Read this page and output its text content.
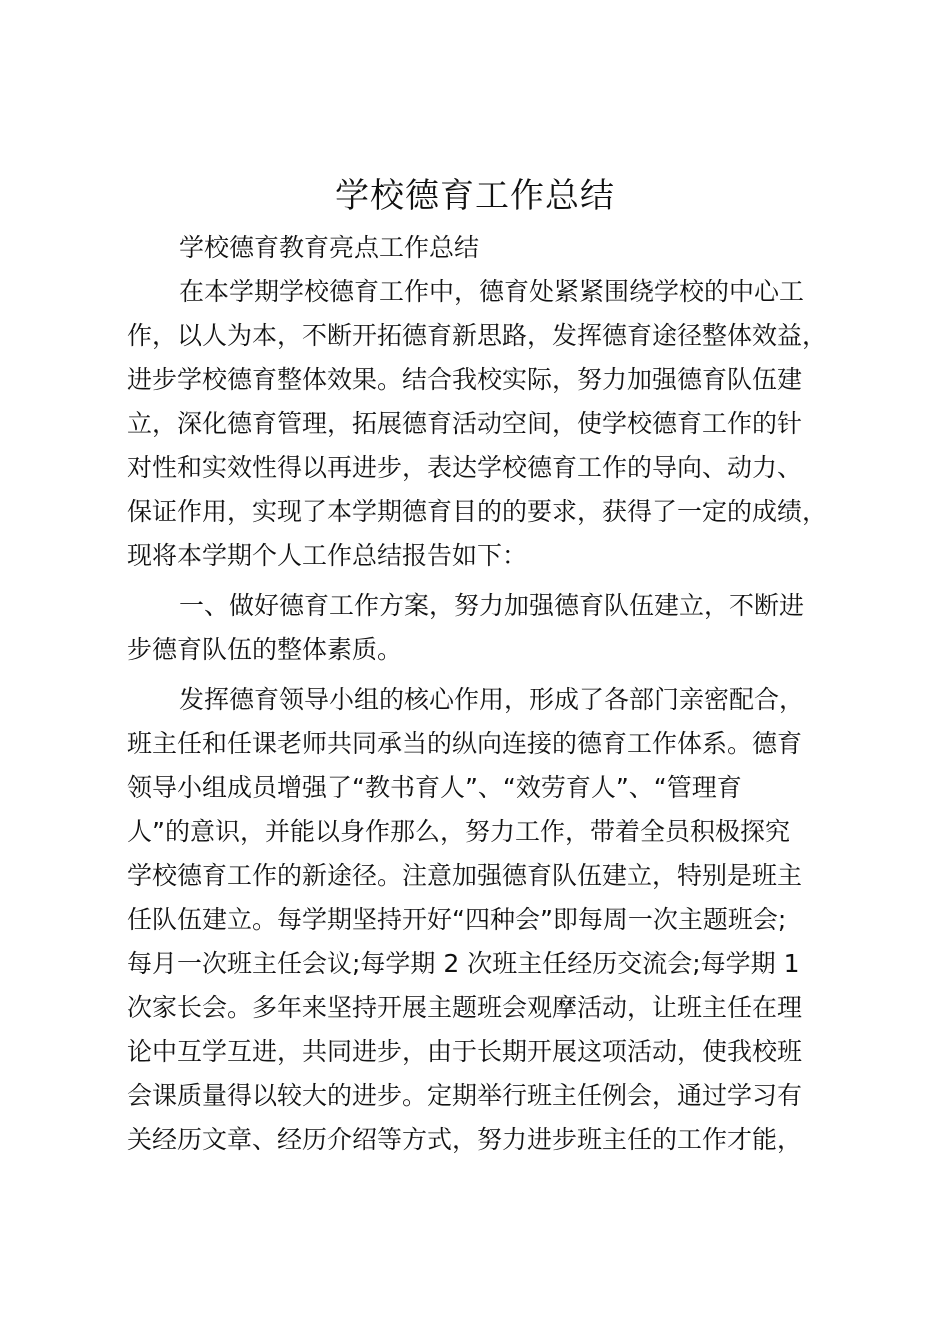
学校德育工作总结
学校德育教育亮点工作总结
在本学期学校德育工作中，德育处紧紧围绕学校的中心工
作，以人为本，不断开拓德育新思路，发挥德育途径整体效益，
进步学校德育整体效果。结合我校实际，努力加强德育队伍建
立，深化德育管理，拓展德育活动空间，使学校德育工作的针
对性和实效性得以再进步，表达学校德育工作的导向、动力、
保证作用，实现了本学期德育目的的要求，获得了一定的成绩，
现将本学期个人工作总结报告如下：
一、做好德育工作方案，努力加强德育队伍建立，不断进
步德育队伍的整体素质。
发挥德育领导小组的核心作用，形成了各部门亲密配合，
班主任和任课老师共同承当的纵向连接的德育工作体系。德育
领导小组成员增强了“教书育人”、“效劳育人”、“管理育
人”的意识，并能以身作那么，努力工作，带着全员积极探究
学校德育工作的新途径。注意加强德育队伍建立，特别是班主
任队伍建立。每学期坚持开好“四种会”即每周一次主题班会;
每月一次班主任会议;每学期 2 次班主任经历交流会;每学期 1
次家长会。多年来坚持开展主题班会观摩活动，让班主任在理
论中互学互进，共同进步，由于长期开展这项活动，使我校班
会课质量得以较大的进步。定期举行班主任例会，通过学习有
关经历文章、经历介绍等方式，努力进步班主任的工作才能，
